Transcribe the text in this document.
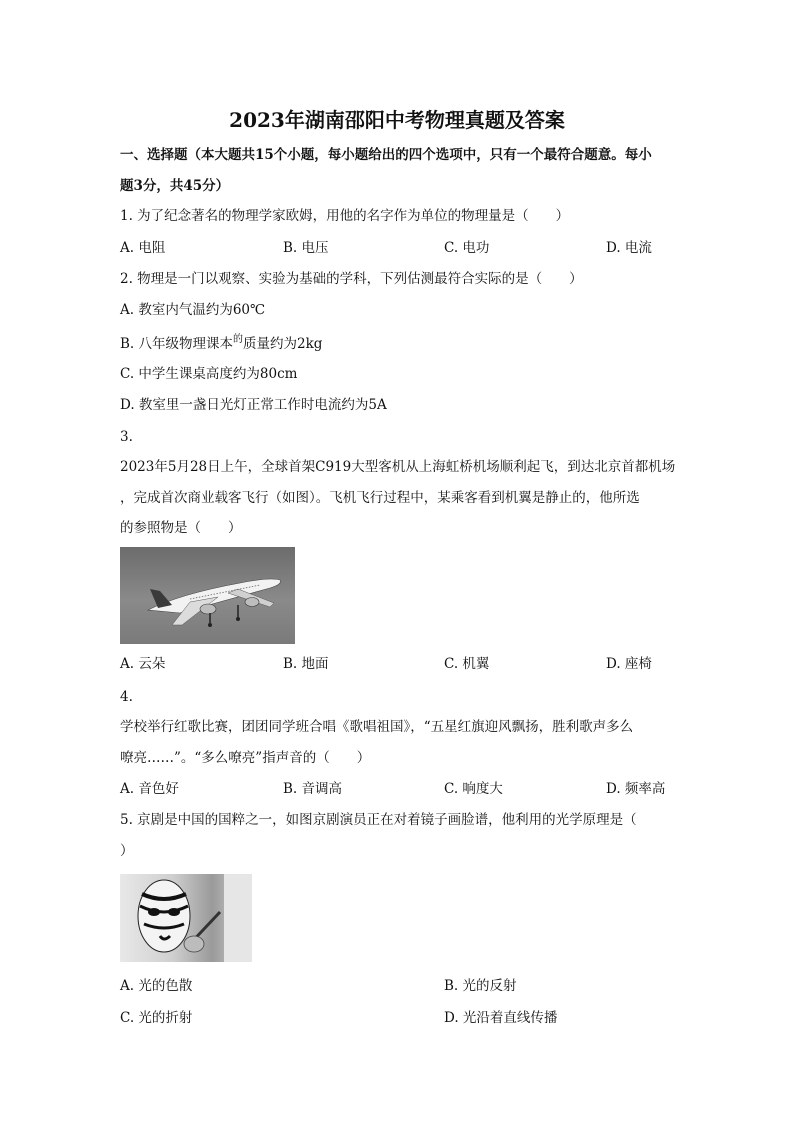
2023年湖南邵阳中考物理真题及答案
一、选择题（本大题共15个小题，每小题给出的四个选项中，只有一个最符合题意。每小
题3分，共45分）
1. 为了纪念著名的物理学家欧姆，用他的名字作为单位的物理量是（　　）
A. 电阻	B. 电压	C. 电功	D. 电流
2. 物理是一门以观察、实验为基础的学科，下列估测最符合实际的是（　　）
A. 教室内气温约为60℃
B. 八年级物理课本$^的$质量约为2kg
C. 中学生课桌高度约为80cm
D. 教室里一盏日光灯正常工作时电流约为5A
3.
2023年5月28日上午，全球首架C919大型客机从上海虹桥机场顺利起飞，到达北京首都机场
，完成首次商业载客飞行（如图）。飞机飞行过程中，某乘客看到机翼是静止的，他所选
的参照物是（　　）
A. 云朵	B. 地面	C. 机翼	D. 座椅
4.
学校举行红歌比赛，团团同学班合唱《歌唱祖国》，“五星红旗迎风飘扬，胜利歌声多么
嘹亮……”。“多么嘹亮”指声音的（　　）
A. 音色好	B. 音调高	C. 响度大	D. 频率高
5. 京剧是中国的国粹之一，如图京剧演员正在对着镜子画脸谱，他利用的光学原理是（
）
A. 光的色散	B. 光的反射
C. 光的折射	D. 光沿着直线传播
